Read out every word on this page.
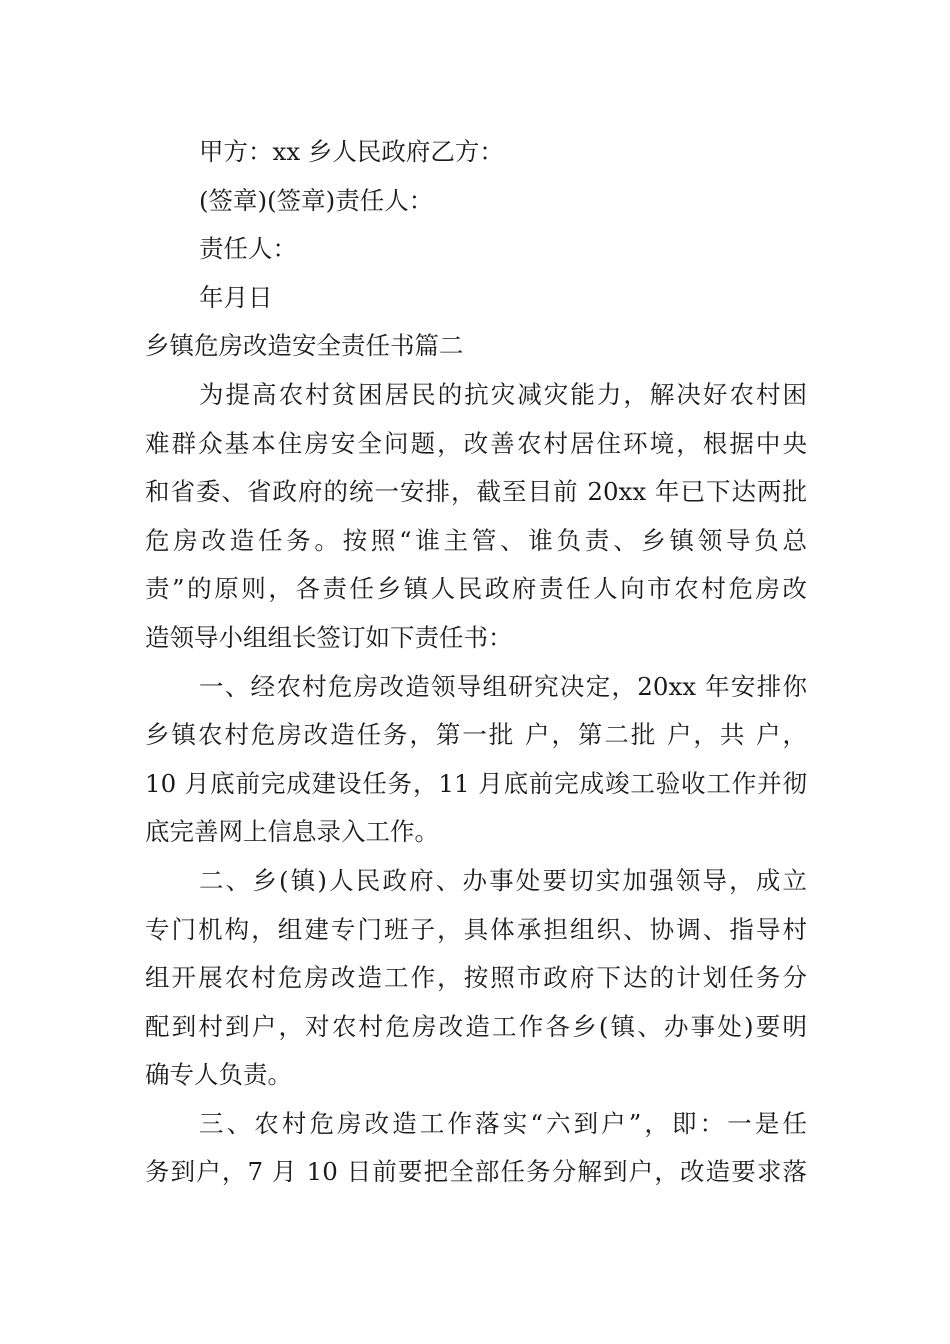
甲方：xx 乡人民政府乙方：
(签章)(签章)责任人：
责任人：
年月日
乡镇危房改造安全责任书篇二
为提高农村贫困居民的抗灾减灾能力，解决好农村困
难群众基本住房安全问题，改善农村居住环境，根据中央
和省委、省政府的统一安排，截至目前 20xx 年已下达两批
危房改造任务。按照“谁主管、谁负责、乡镇领导负总
责”的原则，各责任乡镇人民政府责任人向市农村危房改
造领导小组组长签订如下责任书：
一、经农村危房改造领导组研究决定，20xx 年安排你
乡镇农村危房改造任务，第一批 户，第二批 户，共 户，
10 月底前完成建设任务，11 月底前完成竣工验收工作并彻
底完善网上信息录入工作。
二、乡(镇)人民政府、办事处要切实加强领导，成立
专门机构，组建专门班子，具体承担组织、协调、指导村
组开展农村危房改造工作，按照市政府下达的计划任务分
配到村到户，对农村危房改造工作各乡(镇、办事处)要明
确专人负责。
三、农村危房改造工作落实“六到户”，即：一是任
务到户，7 月 10 日前要把全部任务分解到户，改造要求落
